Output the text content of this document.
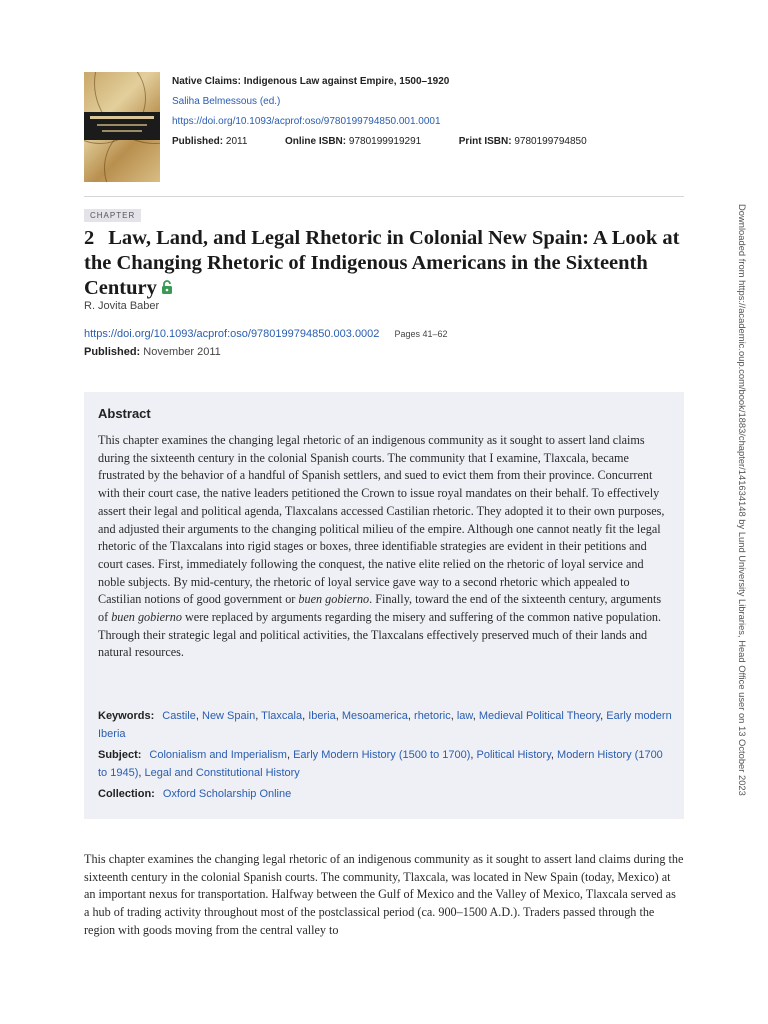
Native Claims: Indigenous Law against Empire, 1500–1920
Saliha Belmessous (ed.)
https://doi.org/10.1093/acprof:oso/9780199794850.001.0001
Published: 2011	Online ISBN: 9780199919291	Print ISBN: 9780199794850
CHAPTER
2 Law, Land, and Legal Rhetoric in Colonial New Spain: A Look at the Changing Rhetoric of Indigenous Americans in the Sixteenth Century
R. Jovita Baber
https://doi.org/10.1093/acprof:oso/9780199794850.003.0002 Pages 41–62
Published: November 2011
Abstract

This chapter examines the changing legal rhetoric of an indigenous community as it sought to assert land claims during the sixteenth century in the colonial Spanish courts. The community that I examine, Tlaxcala, became frustrated by the behavior of a handful of Spanish settlers, and sued to evict them from their province. Concurrent with their court case, the native leaders petitioned the Crown to issue royal mandates on their behalf. To effectively assert their legal and political agenda, Tlaxcalans accessed Castilian rhetoric. They adopted it to their own purposes, and adjusted their arguments to the changing political milieu of the empire. Although one cannot neatly fit the legal rhetoric of the Tlaxcalans into rigid stages or boxes, three identifiable strategies are evident in their petitions and court cases. First, immediately following the conquest, the native elite relied on the rhetoric of loyal service and noble subjects. By mid-century, the rhetoric of loyal service gave way to a second rhetoric which appealed to Castilian notions of good government or buen gobierno. Finally, toward the end of the sixteenth century, arguments of buen gobierno were replaced by arguments regarding the misery and suffering of the common native population. Through their strategic legal and political activities, the Tlaxcalans effectively preserved much of their lands and natural resources.

Keywords: Castile, New Spain, Tlaxcala, Iberia, Mesoamerica, rhetoric, law, Medieval Political Theory, Early modern Iberia
Subject: Colonialism and Imperialism, Early Modern History (1500 to 1700), Political History, Modern History (1700 to 1945), Legal and Constitutional History
Collection: Oxford Scholarship Online

This chapter examines the changing legal rhetoric of an indigenous community as it sought to assert land claims during the sixteenth century in the colonial Spanish courts. The community, Tlaxcala, was located in New Spain (today, Mexico) at an important nexus for transportation. Halfway between the Gulf of Mexico and the Valley of Mexico, Tlaxcala served as a hub of trading activity throughout most of the postclassical period (ca. 900–1500 A.D.). Traders passed through the region with goods moving from the central valley to

Downloaded from https://academic.oup.com/book/1883/chapter/141634148 by Lund University Libraries, Head Office user on 13 October 2023
